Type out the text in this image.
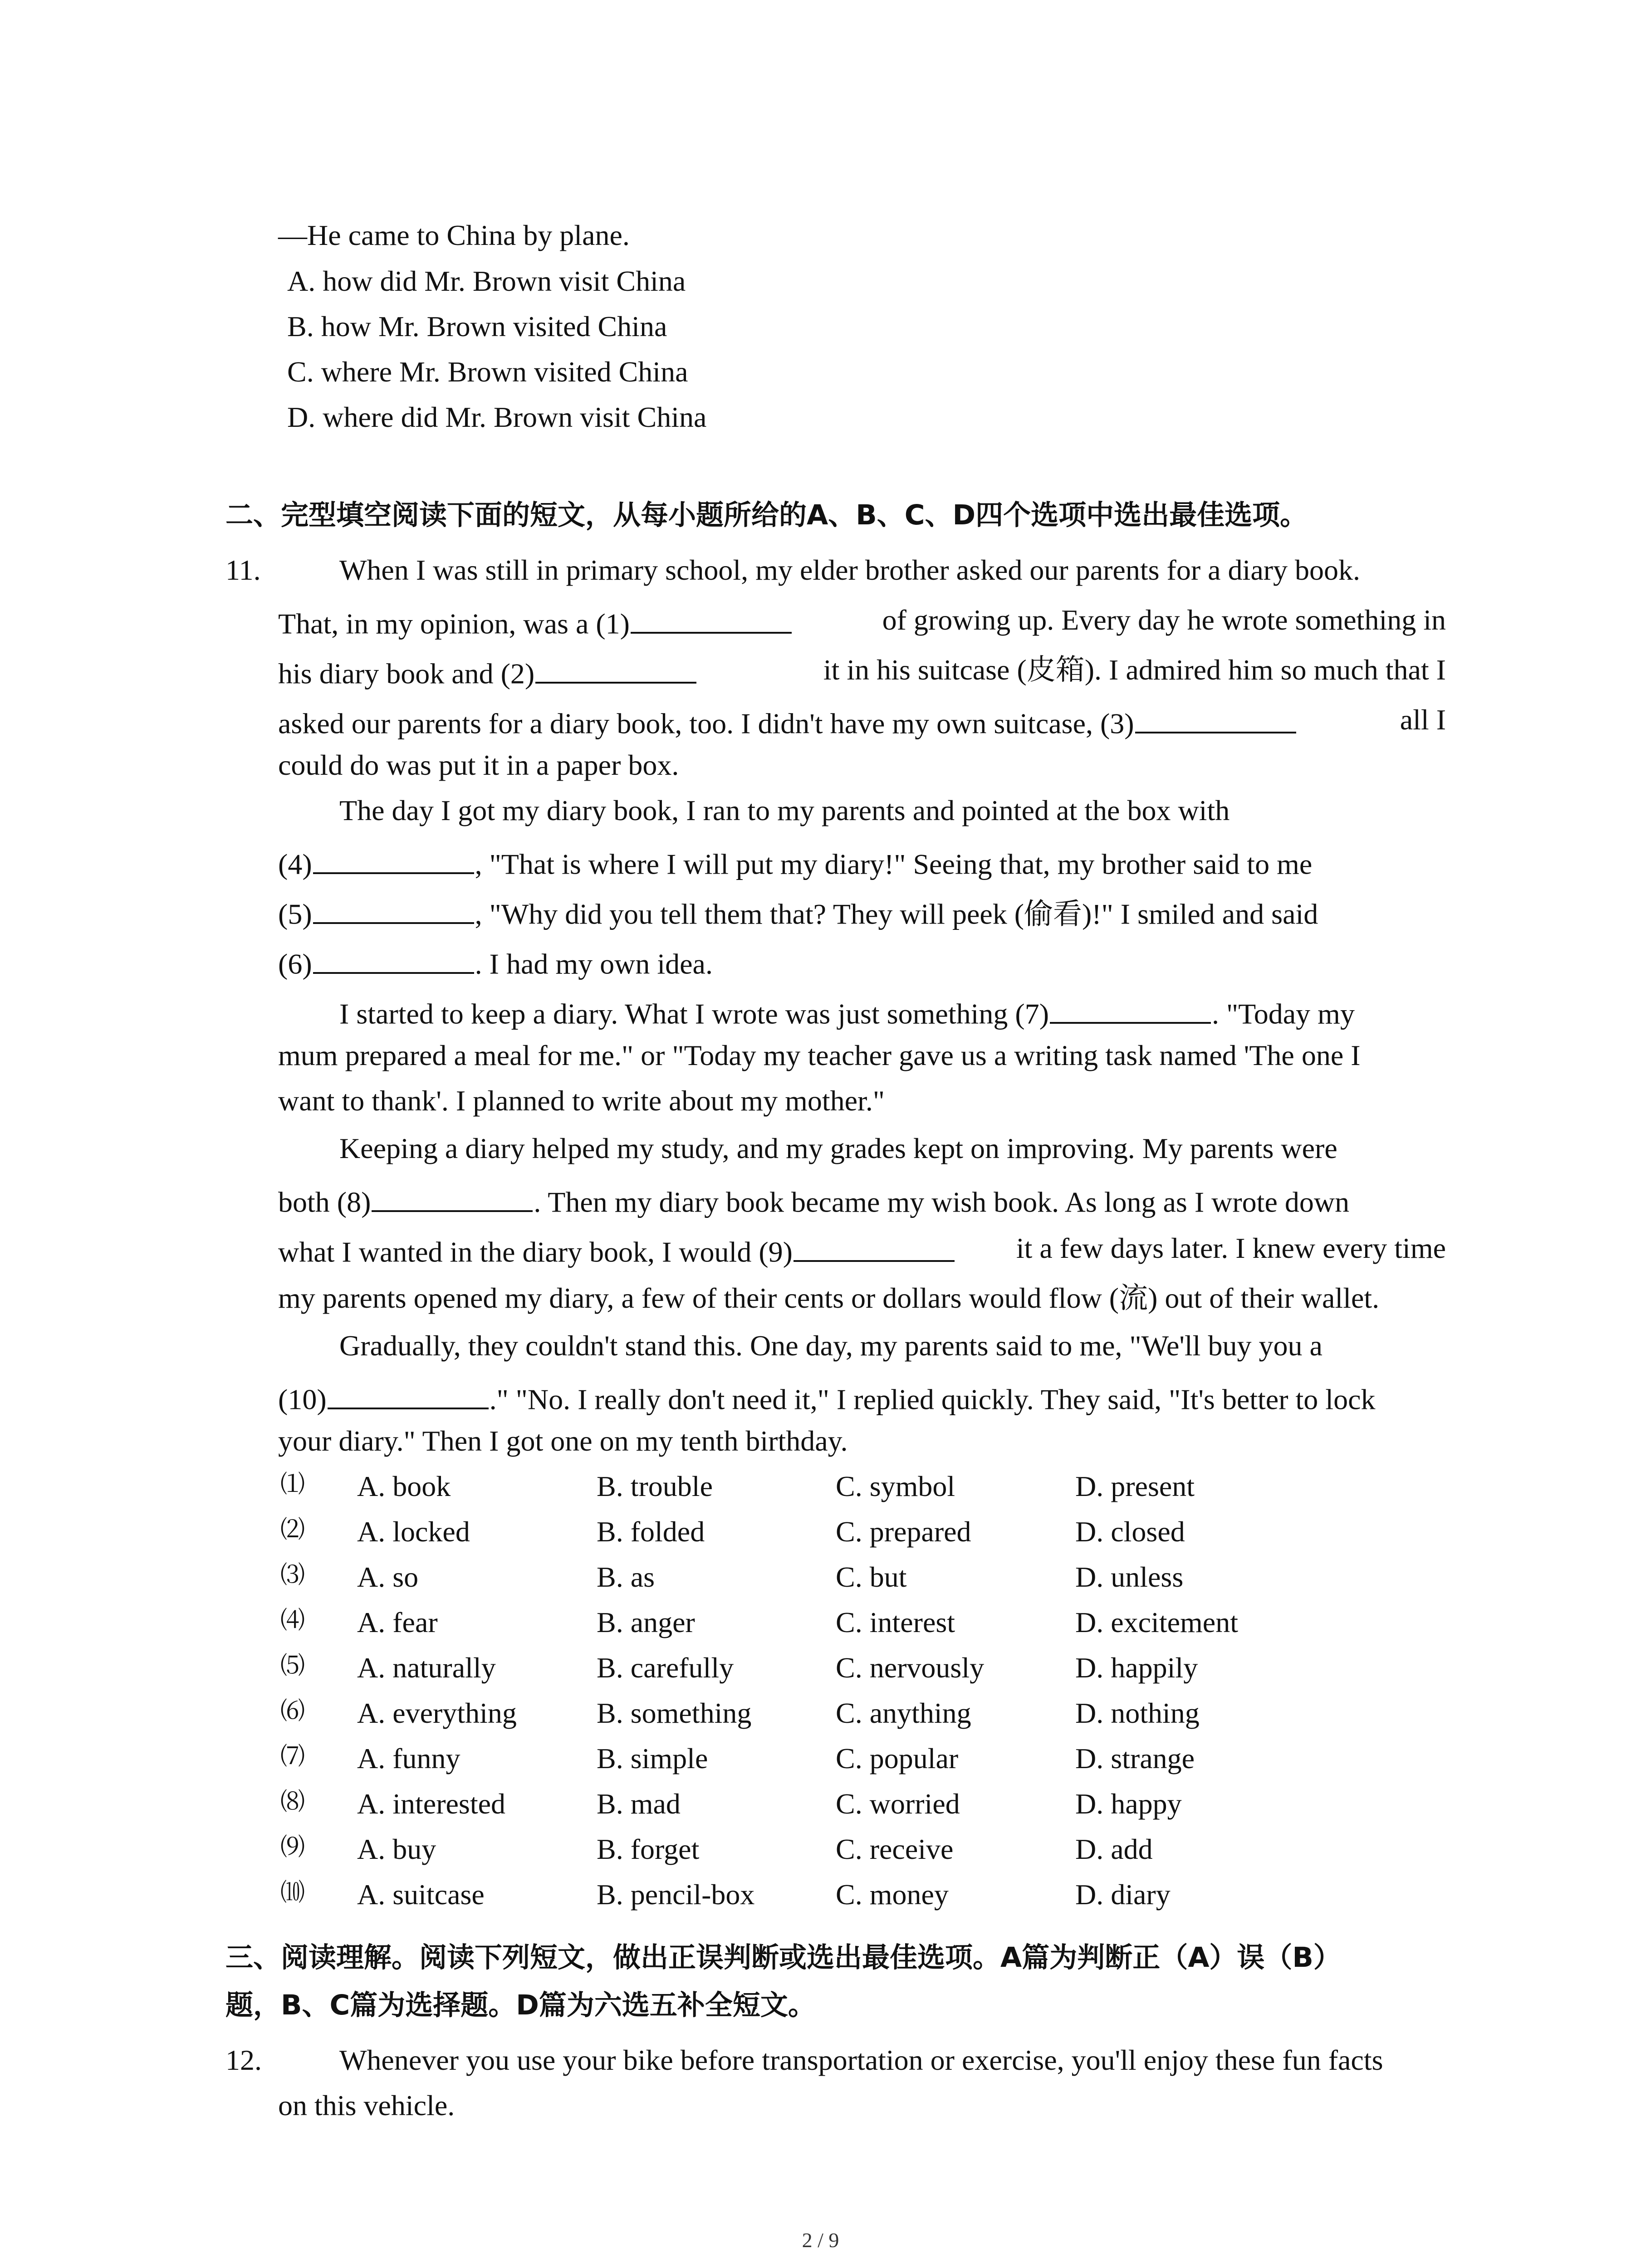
—He came to China by plane.
A. how did Mr. Brown visit China
B. how Mr. Brown visited China
C. where Mr. Brown visited China
D. where did Mr. Brown visit China
二、完型填空阅读下面的短文，从每小题所给的A、B、C、D四个选项中选出最佳选项。
11.	When I was still in primary school, my elder brother asked our parents for a diary book.
That, in my opinion, was a (1)	of growing up. Every day he wrote something in
his diary book and (2)	it in his suitcase (皮箱). I admired him so much that I
asked our parents for a diary book, too. I didn't have my own suitcase, (3)	all I
could do was put it in a paper box.
The day I got my diary book, I ran to my parents and pointed at the box with
(4)	, "That is where I will put my diary!" Seeing that, my brother said to me
(5)	, "Why did you tell them that? They will peek (偷看)!" I smiled and said
(6)	. I had my own idea.
I started to keep a diary. What I wrote was just something (7)	. "Today my
mum prepared a meal for me." or "Today my teacher gave us a writing task named 'The one I
want to thank'. I planned to write about my mother."
Keeping a diary helped my study, and my grades kept on improving. My parents were
both (8)	. Then my diary book became my wish book. As long as I wrote down
what I wanted in the diary book, I would (9)	it a few days later. I knew every time
my parents opened my diary, a few of their cents or dollars would flow (流) out of their wallet.
Gradually, they couldn't stand this. One day, my parents said to me, "We'll buy you a
(10)	." "No. I really don't need it," I replied quickly. They said, "It's better to lock
your diary." Then I got one on my tenth birthday.
⑴ A. book	B. trouble	C. symbol	D. present
⑵ A. locked	B. folded	C. prepared	D. closed
⑶ A. so	B. as	C. but	D. unless
⑷ A. fear	B. anger	C. interest	D. excitement
⑸ A. naturally	B. carefully	C. nervously	D. happily
⑹ A. everything	B. something	C. anything	D. nothing
⑺ A. funny	B. simple	C. popular	D. strange
⑻ A. interested	B. mad	C. worried	D. happy
⑼ A. buy	B. forget	C. receive	D. add
⑽ A. suitcase	B. pencil-box	C. money	D. diary
三、阅读理解。阅读下列短文，做出正误判断或选出最佳选项。A篇为判断正（A）误（B）
题，B、C篇为选择题。D篇为六选五补全短文。
12.	Whenever you use your bike before transportation or exercise, you'll enjoy these fun facts
on this vehicle.
2 / 9
